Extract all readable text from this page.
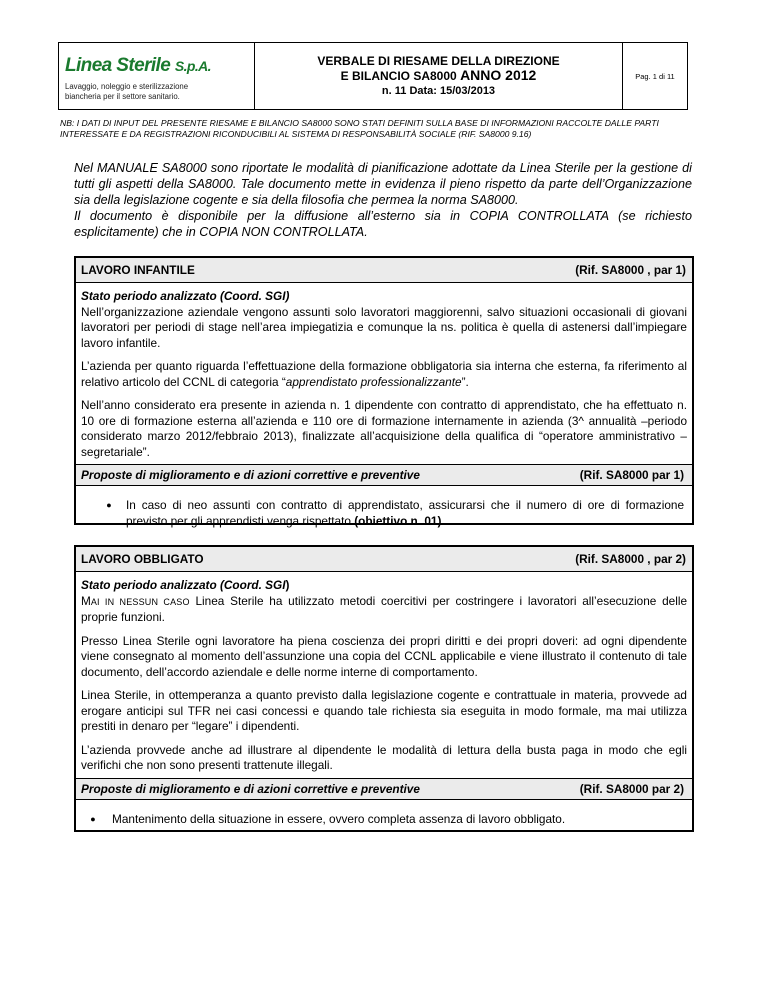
Linea Sterile S.p.A.
Lavaggio, noleggio e sterilizzazione
biancheria per il settore sanitario.
VERBALE DI RIESAME DELLA DIREZIONE
E BILANCIO SA8000 ANNO 2012
n. 11 Data: 15/03/2013
Pag. 1 di 11
NB: I DATI DI INPUT DEL PRESENTE RIESAME E BILANCIO SA8000 SONO STATI DEFINITI SULLA BASE DI INFORMAZIONI RACCOLTE DALLE PARTI INTERESSATE E DA REGISTRAZIONI RICONDUCIBILI AL SISTEMA DI RESPONSABILITÀ SOCIALE (RIF. SA8000 9.16)

Nel MANUALE SA8000 sono riportate le modalità di pianificazione adottate da Linea Sterile per la gestione di tutti gli aspetti della SA8000. Tale documento mette in evidenza il pieno rispetto da parte dell’Organizzazione sia della legislazione cogente e sia della filosofia che permea la norma SA8000.

Il documento è disponibile per la diffusione all’esterno sia in COPIA CONTROLLATA (se richiesto esplicitamente) che in COPIA NON CONTROLLATA.

LAVORO INFANTILE	(Rif. SA8000 , par 1)
Stato periodo analizzato (Coord. SGI)

Nell’organizzazione aziendale vengono assunti solo lavoratori maggiorenni, salvo situazioni occasionali di giovani lavoratori per periodi di stage nell’area impiegatizia e comunque la ns. politica è quella di astenersi dall’impiegare lavoro infantile.

L’azienda per quanto riguarda l’effettuazione della formazione obbligatoria sia interna che esterna, fa riferimento al relativo articolo del CCNL di categoria “apprendistato professionalizzante”.

Nell’anno considerato era presente in azienda n. 1 dipendente con contratto di apprendistato, che ha effettuato n. 10 ore di formazione esterna all’azienda e 110 ore di formazione internamente in azienda (3^ annualità –periodo considerato marzo 2012/febbraio 2013), finalizzate all’acquisizione della qualifica di “operatore amministrativo – segretariale”.

Proposte di miglioramento e di azioni correttive e preventive	(Rif. SA8000 par 1)
● In caso di neo assunti con contratto di apprendistato, assicurarsi che il numero di ore di formazione previsto per gli apprendisti venga rispettato (obiettivo n. 01).
LAVORO OBBLIGATO	(Rif. SA8000 , par 2)
Stato periodo analizzato (Coord. SGI)

MAI IN NESSUN CASO Linea Sterile ha utilizzato metodi coercitivi per costringere i lavoratori all’esecuzione delle proprie funzioni.

Presso Linea Sterile ogni lavoratore ha piena coscienza dei propri diritti e dei propri doveri: ad ogni dipendente viene consegnato al momento dell’assunzione una copia del CCNL applicabile e viene illustrato il contenuto di tale documento, dell’accordo aziendale e delle norme interne di comportamento.

Linea Sterile, in ottemperanza a quanto previsto dalla legislazione cogente e contrattuale in materia, provvede ad erogare anticipi sul TFR nei casi concessi e quando tale richiesta sia eseguita in modo formale, ma mai utilizza prestiti in denaro per “legare” i dipendenti.

L’azienda provvede anche ad illustrare al dipendente le modalità di lettura della busta paga in modo che egli verifichi che non sono presenti trattenute illegali.

Proposte di miglioramento e di azioni correttive e preventive	(Rif. SA8000 par 2)
● Mantenimento della situazione in essere, ovvero completa assenza di lavoro obbligato.
